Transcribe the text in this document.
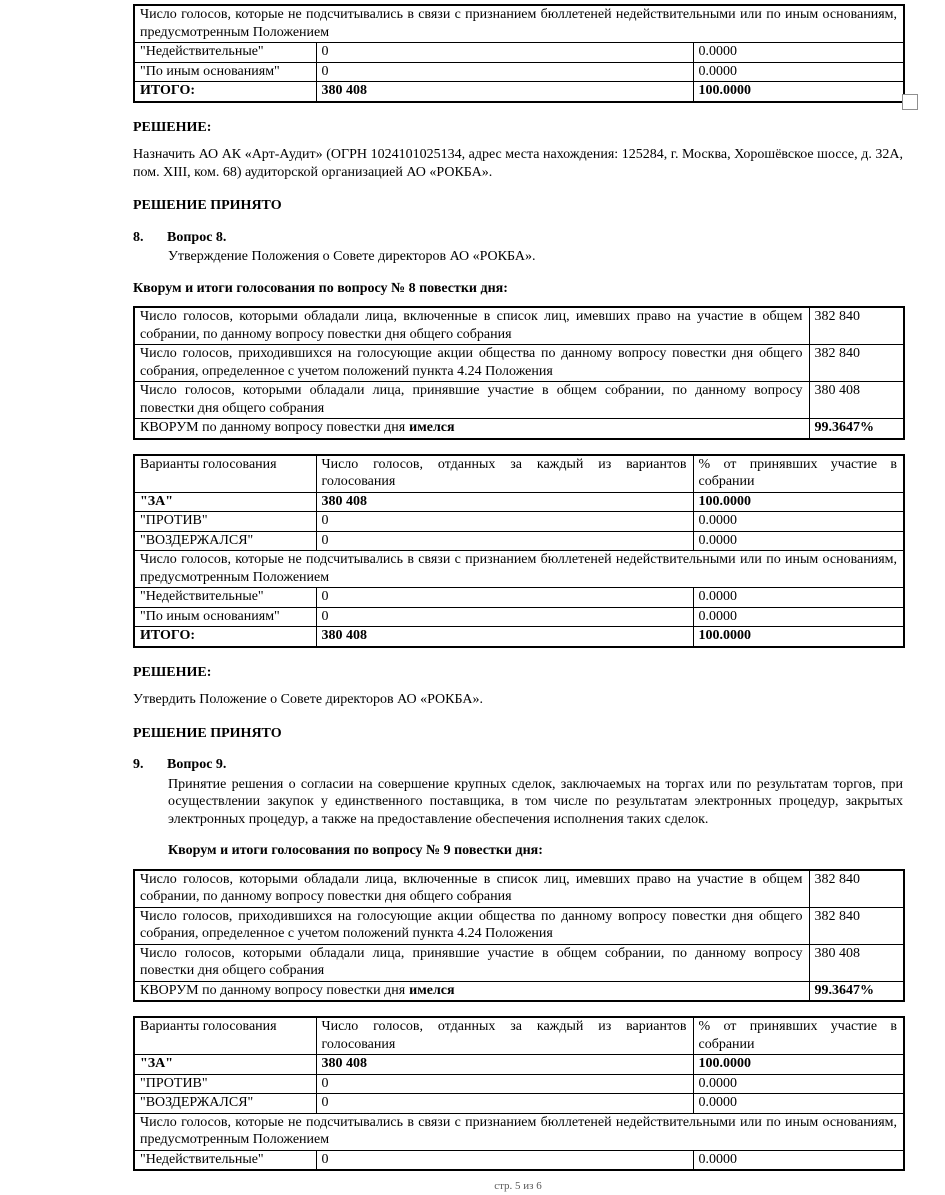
Число голосов, которые не подсчитывались в связи с признанием бюллетеней недействительными или по иным основаниям, предусмотренным Положением		
"Недействительные"	0	0.0000
"По иным основаниям"	0	0.0000
ИТОГО:	380 408	100.0000
РЕШЕНИЕ:
Назначить АО АК «Арт-Аудит» (ОГРН 1024101025134, адрес места нахождения: 125284, г. Москва, Хорошёвское шоссе, д. 32А, пом. XIII, ком. 68) аудиторской организацией АО «РОКБА».
РЕШЕНИЕ ПРИНЯТО
8. Вопрос 8.
Утверждение Положения о Совете директоров АО «РОКБА».
Кворум и итоги голосования по вопросу № 8 повестки дня:
Число голосов, которыми обладали лица, включенные в список лиц, имевших право на участие в общем собрании, по данному вопросу повестки дня общего собрания	382 840
Число голосов, приходившихся на голосующие акции общества по данному вопросу повестки дня общего собрания, определенное с учетом положений пункта 4.24 Положения	382 840
Число голосов, которыми обладали лица, принявшие участие в общем собрании, по данному вопросу повестки дня общего собрания	380 408
КВОРУМ по данному вопросу повестки дня имелся	99.3647%
Варианты голосования	Число голосов, отданных за каждый из вариантов голосования	% от принявших участие в собрании
"ЗА"	380 408	100.0000
"ПРОТИВ"	0	0.0000
"ВОЗДЕРЖАЛСЯ"	0	0.0000
Число голосов, которые не подсчитывались в связи с признанием бюллетеней недействительными или по иным основаниям, предусмотренным Положением		
"Недействительные"	0	0.0000
"По иным основаниям"	0	0.0000
ИТОГО:	380 408	100.0000
РЕШЕНИЕ:
Утвердить Положение о Совете директоров АО «РОКБА».
РЕШЕНИЕ ПРИНЯТО
9. Вопрос 9.
Принятие решения о согласии на совершение крупных сделок, заключаемых на торгах или по результатам торгов, при осуществлении закупок у единственного поставщика, в том числе по результатам электронных процедур, закрытых электронных процедур, а также на предоставление обеспечения исполнения таких сделок.
Кворум и итоги голосования по вопросу № 9 повестки дня:
Число голосов, которыми обладали лица, включенные в список лиц, имевших право на участие в общем собрании, по данному вопросу повестки дня общего собрания	382 840
Число голосов, приходившихся на голосующие акции общества по данному вопросу повестки дня общего собрания, определенное с учетом положений пункта 4.24 Положения	382 840
Число голосов, которыми обладали лица, принявшие участие в общем собрании, по данному вопросу повестки дня общего собрания	380 408
КВОРУМ по данному вопросу повестки дня имелся	99.3647%
Варианты голосования	Число голосов, отданных за каждый из вариантов голосования	% от принявших участие в собрании
"ЗА"	380 408	100.0000
"ПРОТИВ"	0	0.0000
"ВОЗДЕРЖАЛСЯ"	0	0.0000
Число голосов, которые не подсчитывались в связи с признанием бюллетеней недействительными или по иным основаниям, предусмотренным Положением		
"Недействительные"	0	0.0000
стр. 5 из 6
